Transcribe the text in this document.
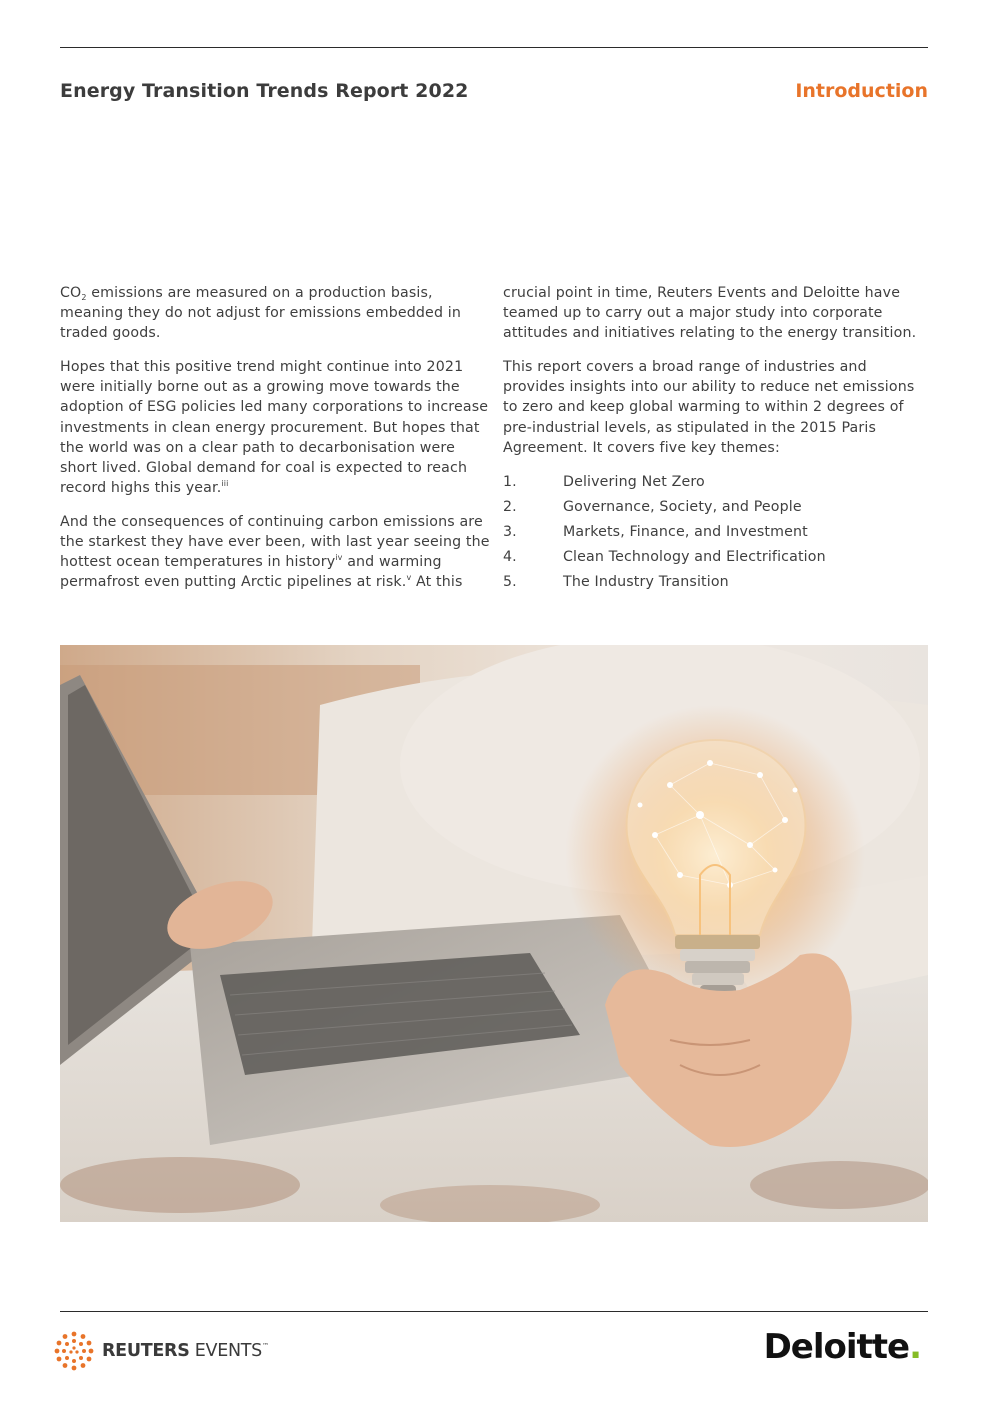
Energy Transition Trends Report 2022	Introduction

$CO_2$ emissions are measured on a production basis, meaning they do not adjust for emissions embedded in traded goods.

Hopes that this positive trend might continue into 2021 were initially borne out as a growing move towards the adoption of ESG policies led many corporations to increase investments in clean energy procurement. But hopes that the world was on a clear path to decarbonisation were short lived. Global demand for coal is expected to reach record highs this year.$^{iii}$

And the consequences of continuing carbon emissions are the starkest they have ever been, with last year seeing the hottest ocean temperatures in history$^{iv}$ and warming permafrost even putting Arctic pipelines at risk.$^v$ At this

crucial point in time, Reuters Events and Deloitte have teamed up to carry out a major study into corporate attitudes and initiatives relating to the energy transition.

This report covers a broad range of industries and provides insights into our ability to reduce net emissions to zero and keep global warming to within 2 degrees of pre-industrial levels, as stipulated in the 2015 Paris Agreement. It covers five key themes:

1.	Delivering Net Zero
2.	Governance, Society, and People
3.	Markets, Finance, and Investment
4.	Clean Technology and Electrification
5.	The Industry Transition
REUTERS EVENTS™	Deloitte.
